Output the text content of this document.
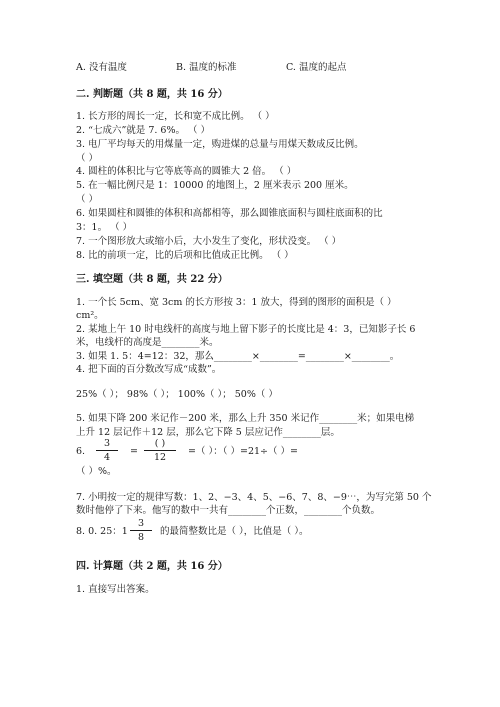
A. 没有温度	B. 温度的标准	C. 温度的起点
二. 判断题（共 8 题，共 16 分）
1. 长方形的周长一定，长和宽不成比例。 （ ）
2. “七成六”就是 7. 6%。 （ ）
3. 电厂平均每天的用煤量一定，购进煤的总量与用煤天数成反比例。
（ ）
4. 圆柱的体积比与它等底等高的圆锥大 2 倍。 （ ）
5. 在一幅比例尺是 1：10000 的地图上，2 厘米表示 200 厘米。
（ ）
6. 如果圆柱和圆锥的体积和高都相等，那么圆锥底面积与圆柱底面积的比
3：1。 （ ）
7. 一个图形放大或缩小后，大小发生了变化，形状没变。 （ ）
8. 比的前项一定，比的后项和比值成正比例。 （ ）
三. 填空题（共 8 题，共 22 分）
1. 一个长 5cm、宽 3cm 的长方形按 3：1 放大，得到的图形的面积是（ ）
cm²。
2. 某地上午 10 时电线杆的高度与地上留下影子的长度比是 4：3，已知影子长 6
米，电线杆的高度是________米。
3. 如果 1. 5：4=12：32，那么________×________=________×________。
4. 把下面的百分数改写成“成数”。
25%（ ）； 98%（ ）； 100%（ ）； 50%（ ）
5. 如果下降 200 米记作－200 米，那么上升 350 米记作________米；如果电梯
上升 12 层记作＋12 层，那么它下降 5 层应记作________层。
6. $\frac{3}{4}$ =
( )
12
=（ ）：（ ）=21÷（ ）=
（ ）%。
7. 小明按一定的规律写数：1、2、−3、4、5、−6、7、8、−9⋯，为写完第 50 个
数时他停了下来。他写的数中一共有________个正数，________个负数。
8. 0. 25：$1 \frac{3}{8}$ 的最简整数比是（ ），比值是（ ）。
四. 计算题（共 2 题，共 16 分）
1. 直接写出答案。
